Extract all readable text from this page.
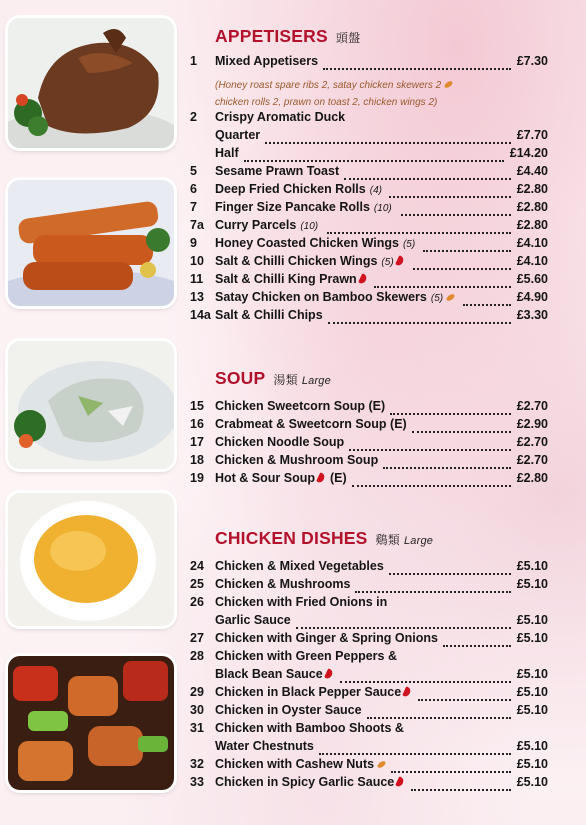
APPETISERS 頭盤
(Honey roast spare ribs 2, satay chicken skewers 2
chicken rolls 2, prawn on toast 2, chicken wings 2)
SOUP 湯類 Large
CHICKEN DISHES 鷄類 Large
1	Mixed Appetisers	£7.30
2	Crispy Aromatic Duck
Quarter	£7.70
Half	£14.20
5	Sesame Prawn Toast	£4.40
6	Deep Fried Chicken Rolls (4)	£2.80
7	Finger Size Pancake Rolls (10)	£2.80
7a Curry Parcels (10)	£2.80
9	Honey Coasted Chicken Wings (5)	£4.10
10 Salt & Chilli Chicken Wings (5)	£4.10
11 Salt & Chilli King Prawn	£5.60
13 Satay Chicken on Bamboo Skewers (5)	£4.90
14a Salt & Chilli Chips	£3.30
15 Chicken Sweetcorn Soup (E)	£2.70
16 Crabmeat & Sweetcorn Soup (E)	£2.90
17 Chicken Noodle Soup	£2.70
18 Chicken & Mushroom Soup	£2.70
19 Hot & Sour Soup (E)	£2.80
24 Chicken & Mixed Vegetables	£5.10
25 Chicken & Mushrooms	£5.10
26 Chicken with Fried Onions in
Garlic Sauce	£5.10
27 Chicken with Ginger & Spring Onions	£5.10
28 Chicken with Green Peppers &
Black Bean Sauce	£5.10
29 Chicken in Black Pepper Sauce	£5.10
30 Chicken in Oyster Sauce	£5.10
31 Chicken with Bamboo Shoots &
Water Chestnuts	£5.10
32 Chicken with Cashew Nuts	£5.10
33 Chicken in Spicy Garlic Sauce	£5.10
